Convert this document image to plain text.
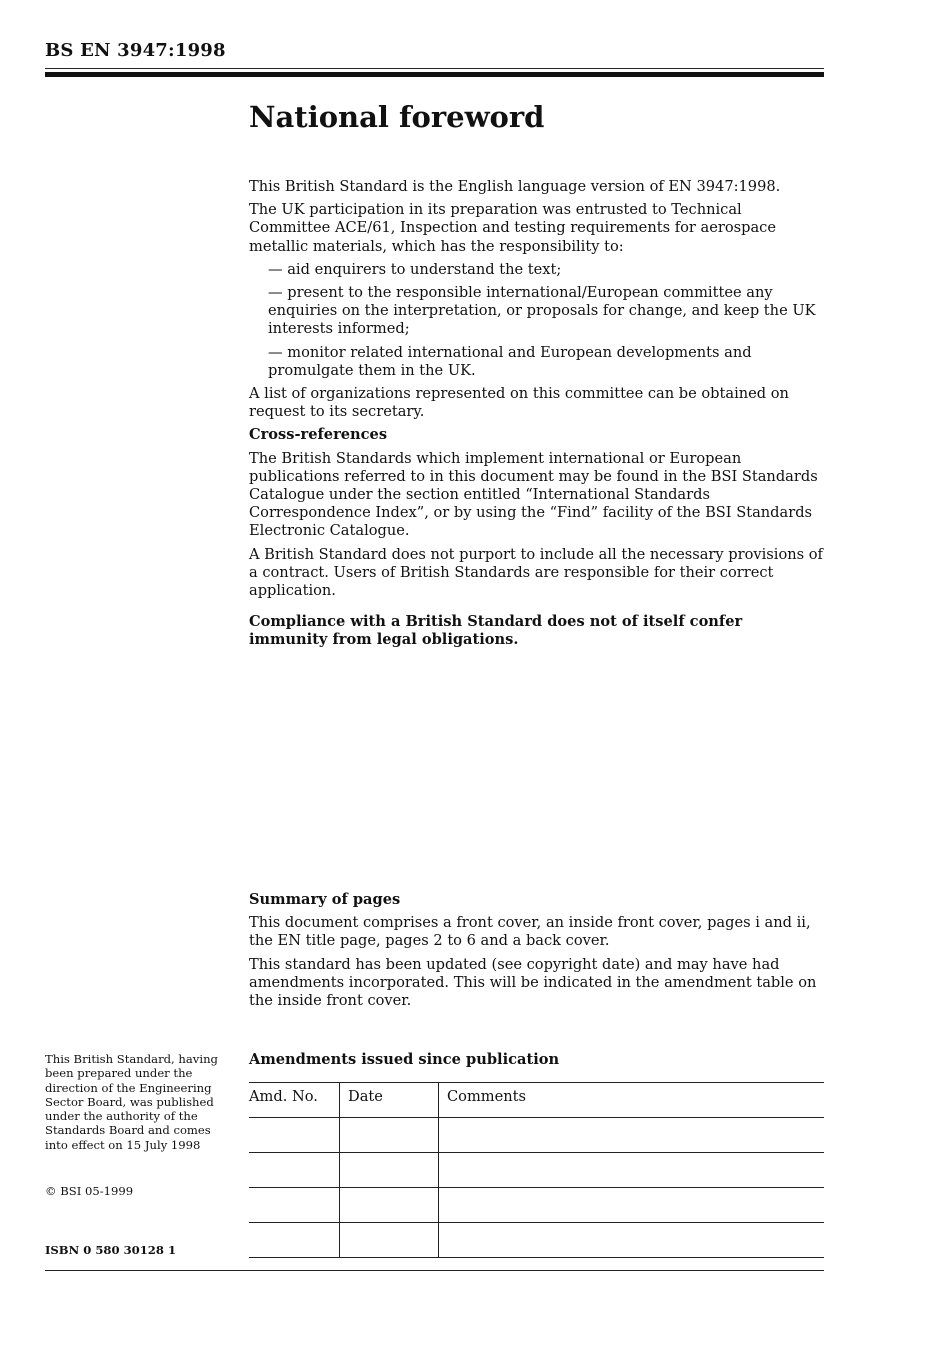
BS EN 3947:1998
National foreword

This British Standard is the English language version of EN 3947:1998.

The UK participation in its preparation was entrusted to Technical Committee ACE/61, Inspection and testing requirements for aerospace metallic materials, which has the responsibility to:

— aid enquirers to understand the text;

— present to the responsible international/European committee any enquiries on the interpretation, or proposals for change, and keep the UK interests informed;

— monitor related international and European developments and promulgate them in the UK.

A list of organizations represented on this committee can be obtained on request to its secretary.

Cross-references

The British Standards which implement international or European publications referred to in this document may be found in the BSI Standards Catalogue under the section entitled “International Standards Correspondence Index”, or by using the “Find” facility of the BSI Standards Electronic Catalogue.

A British Standard does not purport to include all the necessary provisions of a contract. Users of British Standards are responsible for their correct application.

Compliance with a British Standard does not of itself confer immunity from legal obligations.

Summary of pages

This document comprises a front cover, an inside front cover, pages i and ii, the EN title page, pages 2 to 6 and a back cover.

This standard has been updated (see copyright date) and may have had amendments incorporated. This will be indicated in the amendment table on the inside front cover.

This British Standard, having been prepared under the direction of the Engineering Sector Board, was published under the authority of the Standards Board and comes into effect on 15 July 1998

© BSI 05-1999
ISBN 0 580 30128 1
Amendments issued since publication
Amd. No.	Date	Comments
